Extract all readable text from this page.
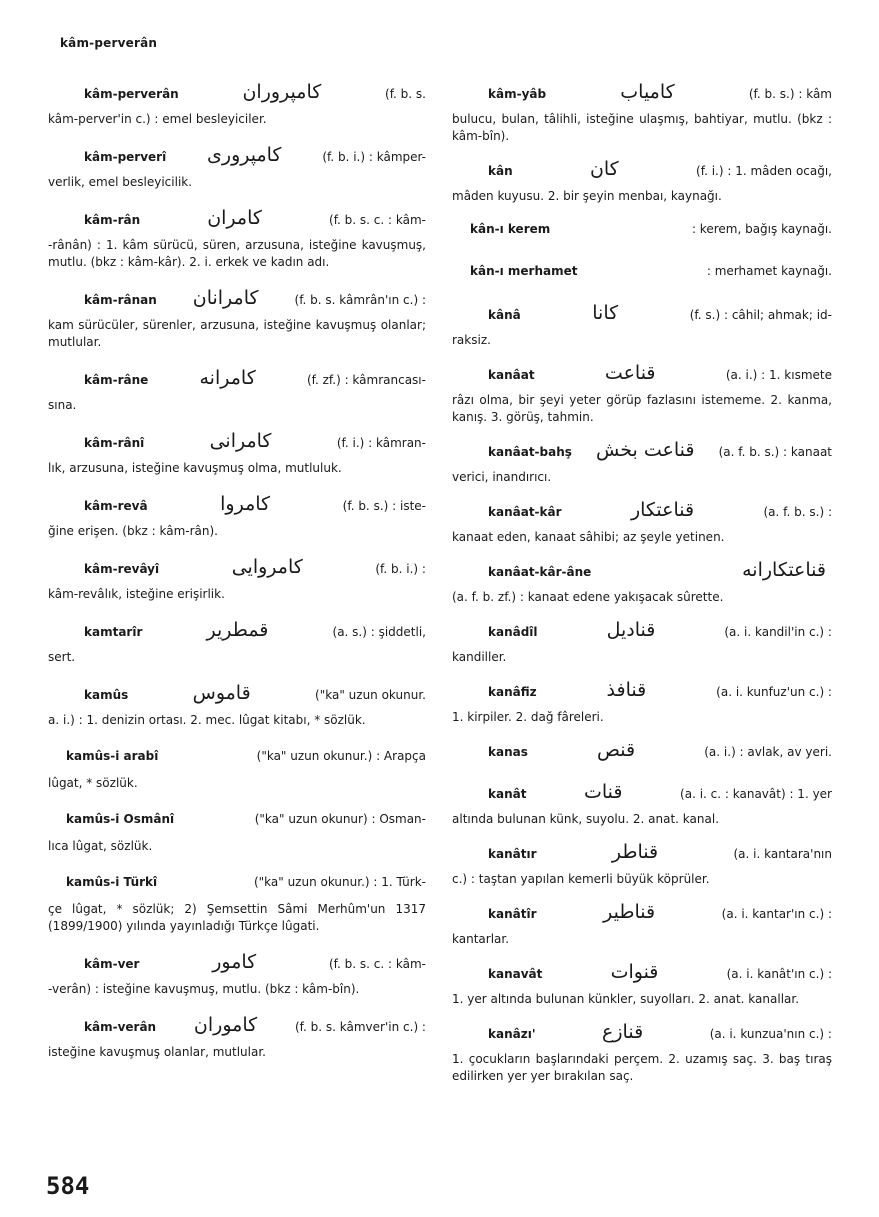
kâm-perverân
kâm-perverân	کامپروران	(f. b. s.
kâm-perver'in c.) : emel besleyiciler.
kâm-perverî	کامپروری	(f. b. i.) : kâmper-
verlik, emel besleyicilik.
kâm-rân	کامران	(f. b. s. c. : kâm-
-rânân) : 1. kâm sürücü, süren, arzusuna, isteğine kavuşmuş, mutlu. (bkz : kâm-kâr). 2. i. erkek ve kadın adı.
kâm-rânan	کامرانان	(f. b. s. kâmrân'ın c.) :
kam sürücüler, sürenler, arzusuna, isteğine kavuşmuş olanlar; mutlular.
kâm-râne	کامرانه	(f. zf.) : kâmrancası-
sına.
kâm-rânî	کامرانی	(f. i.) : kâmran-
lık, arzusuna, isteğine kavuşmuş olma, mutluluk.
kâm-revâ	کامروا	(f. b. s.) : iste-
ğine erişen. (bkz : kâm-rân).
kâm-revâyî	کامروایی	(f. b. i.) :
kâm-revâlık, isteğine erişirlik.
kamtarîr	قمطریر	(a. s.) : şiddetli,
sert.
kamûs	قاموس	("ka" uzun okunur.
a. i.) : 1. denizin ortası. 2. mec. lûgat kitabı, * sözlük.
kamûs-i arabî	("ka" uzun okunur.) : Arapça
lûgat, * sözlük.
kamûs-i Osmânî	("ka" uzun okunur) : Osman-
lıca lûgat, sözlük.
kamûs-i Türkî	("ka" uzun okunur.) : 1. Türk-
çe lûgat, * sözlük; 2) Şemsettin Sâmi Merhûm'un 1317 (1899/1900) yılında yayınladığı Türkçe lûgati.
kâm-ver	کامور	(f. b. s. c. : kâm-
-verân) : isteğine kavuşmuş, mutlu. (bkz : kâm-bîn).
kâm-verân	کاموران	(f. b. s. kâmver'in c.) :
isteğine kavuşmuş olanlar, mutlular.
kâm-yâb	کامیاب	(f. b. s.) : kâm
bulucu, bulan, tâlihli, isteğine ulaşmış, bahtiyar, mutlu. (bkz : kâm-bîn).
kân	کان	(f. i.) : 1. mâden ocağı,
mâden kuyusu. 2. bir şeyin menbaı, kaynağı.
kân-ı kerem	: kerem, bağış kaynağı.
kân-ı merhamet	: merhamet kaynağı.
kânâ	کانا	(f. s.) : câhil; ahmak; id-
raksiz.
kanâat	قناعت	(a. i.) : 1. kısmete
râzı olma, bir şeyi yeter görüp fazlasını istememe. 2. kanma, kanış. 3. görüş, tahmin.
kanâat-bahş	قناعت بخش	(a. f. b. s.) : kanaat
verici, inandırıcı.
kanâat-kâr	قناعتکار	(a. f. b. s.) :
kanaat eden, kanaat sâhibi; az şeyle yetinen.
kanâat-kâr-âne	قناعتکارانه
(a. f. b. zf.) : kanaat edene yakışacak sûrette.
kanâdîl	قنادیل	(a. i. kandil'in c.) :
kandiller.
kanâfiz	قنافذ	(a. i. kunfuz'un c.) :
1. kirpiler. 2. dağ fâreleri.
kanas	قنص	(a. i.) : avlak, av yeri.
kanât	قنات	(a. i. c. : kanavât) : 1. yer
altında bulunan künk, suyolu. 2. anat. kanal.
kanâtır	قناطر	(a. i. kantara'nın
c.) : taştan yapılan kemerli büyük köprüler.
kanâtîr	قناطیر	(a. i. kantar'ın c.) :
kantarlar.
kanavât	قنوات	(a. i. kanât'ın c.) :
1. yer altında bulunan künkler, suyolları. 2. anat. kanallar.
kanâzı'	قنازع	(a. i. kunzua'nın c.) :
1. çocukların başlarındaki perçem. 2. uzamış saç. 3. baş tıraş edilirken yer yer bırakılan saç.
584
